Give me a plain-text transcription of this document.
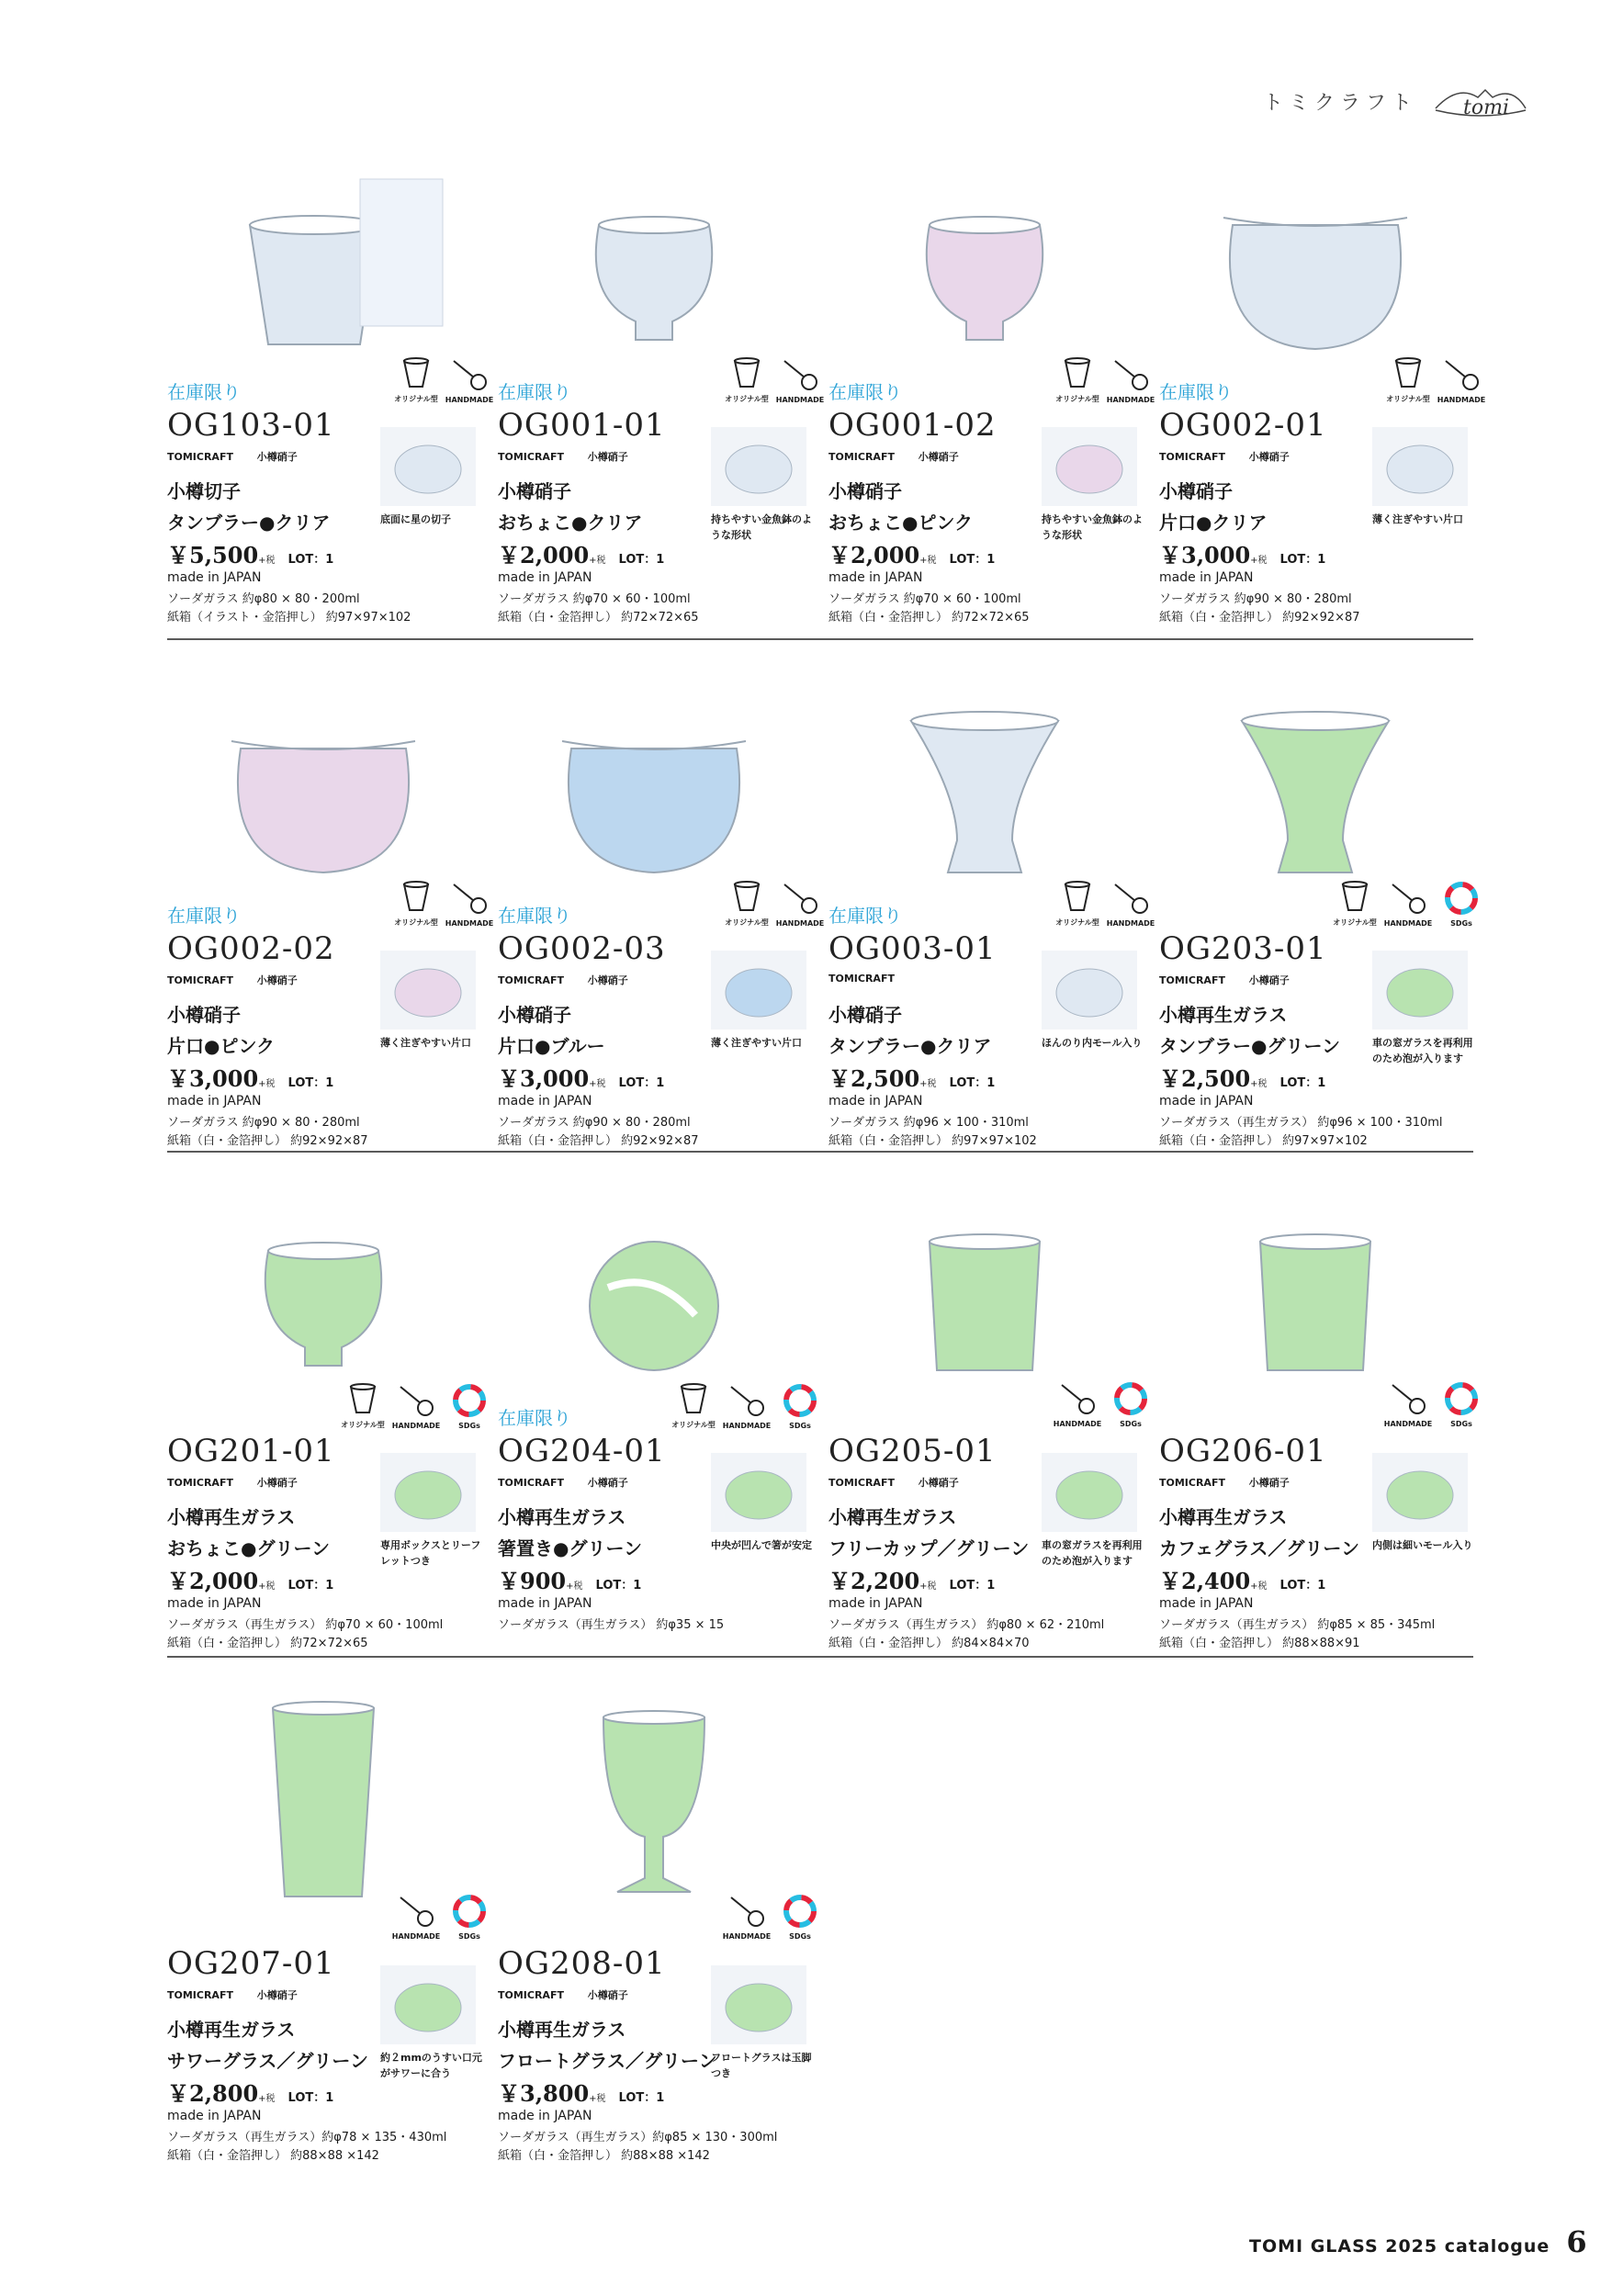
トミクラフト tomi
在庫限り	オリジナル型 HANDMADE
OG103-01
TOMICRAFT 小樽硝子
小樽切子
タンブラー●クリア
￥5,500+税 LOT：1
made in JAPAN
ソーダガラス 約φ80 × 80・200ml
紙箱（イラスト・金箔押し） 約97×97×102
底面に星の切子
在庫限り	オリジナル型 HANDMADE
OG001-01
TOMICRAFT 小樽硝子
小樽硝子
おちょこ●クリア
￥2,000+税 LOT：1
made in JAPAN
ソーダガラス 約φ70 × 60・100ml
紙箱（白・金箔押し） 約72×72×65
持ちやすい金魚鉢のような形状
在庫限り	オリジナル型 HANDMADE
OG001-02
TOMICRAFT 小樽硝子
小樽硝子
おちょこ●ピンク
￥2,000+税 LOT：1
made in JAPAN
ソーダガラス 約φ70 × 60・100ml
紙箱（白・金箔押し） 約72×72×65
持ちやすい金魚鉢のような形状
在庫限り	オリジナル型 HANDMADE
OG002-01
TOMICRAFT 小樽硝子
小樽硝子
片口●クリア
￥3,000+税 LOT：1
made in JAPAN
ソーダガラス 約φ90 × 80・280ml
紙箱（白・金箔押し） 約92×92×87
薄く注ぎやすい片口
在庫限り	オリジナル型 HANDMADE
OG002-02
TOMICRAFT 小樽硝子
小樽硝子
片口●ピンク
￥3,000+税 LOT：1
made in JAPAN
ソーダガラス 約φ90 × 80・280ml
紙箱（白・金箔押し） 約92×92×87
薄く注ぎやすい片口
在庫限り	オリジナル型 HANDMADE
OG002-03
TOMICRAFT 小樽硝子
小樽硝子
片口●ブルー
￥3,000+税 LOT：1
made in JAPAN
ソーダガラス 約φ90 × 80・280ml
紙箱（白・金箔押し） 約92×92×87
薄く注ぎやすい片口
在庫限り	オリジナル型 HANDMADE
OG003-01
TOMICRAFT
小樽硝子
タンブラー●クリア
￥2,500+税 LOT：1
made in JAPAN
ソーダガラス 約φ96 × 100・310ml
紙箱（白・金箔押し） 約97×97×102
ほんのり内モール入り
オリジナル型 HANDMADE SDGs
OG203-01
TOMICRAFT 小樽硝子
小樽再生ガラス
タンブラー●グリーン
￥2,500+税 LOT：1
made in JAPAN
ソーダガラス（再生ガラス） 約φ96 × 100・310ml
紙箱（白・金箔押し） 約97×97×102
車の窓ガラスを再利用のため泡が入ります
オリジナル型 HANDMADE SDGs
OG201-01
TOMICRAFT 小樽硝子
小樽再生ガラス
おちょこ●グリーン
￥2,000+税 LOT：1
made in JAPAN
ソーダガラス（再生ガラス） 約φ70 × 60・100ml
紙箱（白・金箔押し） 約72×72×65
専用ボックスとリーフレットつき
在庫限り	オリジナル型 HANDMADE SDGs
OG204-01
TOMICRAFT 小樽硝子
小樽再生ガラス
箸置き●グリーン
￥900+税 LOT：1
made in JAPAN
ソーダガラス（再生ガラス） 約φ35 × 15
中央が凹んで箸が安定
HANDMADE SDGs
OG205-01
TOMICRAFT 小樽硝子
小樽再生ガラス
フリーカップ／グリーン
￥2,200+税 LOT：1
made in JAPAN
ソーダガラス（再生ガラス） 約φ80 × 62・210ml
紙箱（白・金箔押し） 約84×84×70
車の窓ガラスを再利用のため泡が入ります
HANDMADE SDGs
OG206-01
TOMICRAFT 小樽硝子
小樽再生ガラス
カフェグラス／グリーン
￥2,400+税 LOT：1
made in JAPAN
ソーダガラス（再生ガラス） 約φ85 × 85・345ml
紙箱（白・金箔押し） 約88×88×91
内側は細いモール入り
HANDMADE SDGs
OG207-01
TOMICRAFT 小樽硝子
小樽再生ガラス
サワーグラス／グリーン
￥2,800+税 LOT：1
made in JAPAN
ソーダガラス（再生ガラス）約φ78 × 135・430ml
紙箱（白・金箔押し） 約88×88 ×142
約２mmのうすい口元がサワーに合う
HANDMADE SDGs
OG208-01
TOMICRAFT 小樽硝子
小樽再生ガラス
フロートグラス／グリーン
￥3,800+税 LOT：1
made in JAPAN
ソーダガラス（再生ガラス）約φ85 × 130・300ml
紙箱（白・金箔押し） 約88×88 ×142
フロートグラスは玉脚つき
TOMI GLASS 2025 catalogue 6
